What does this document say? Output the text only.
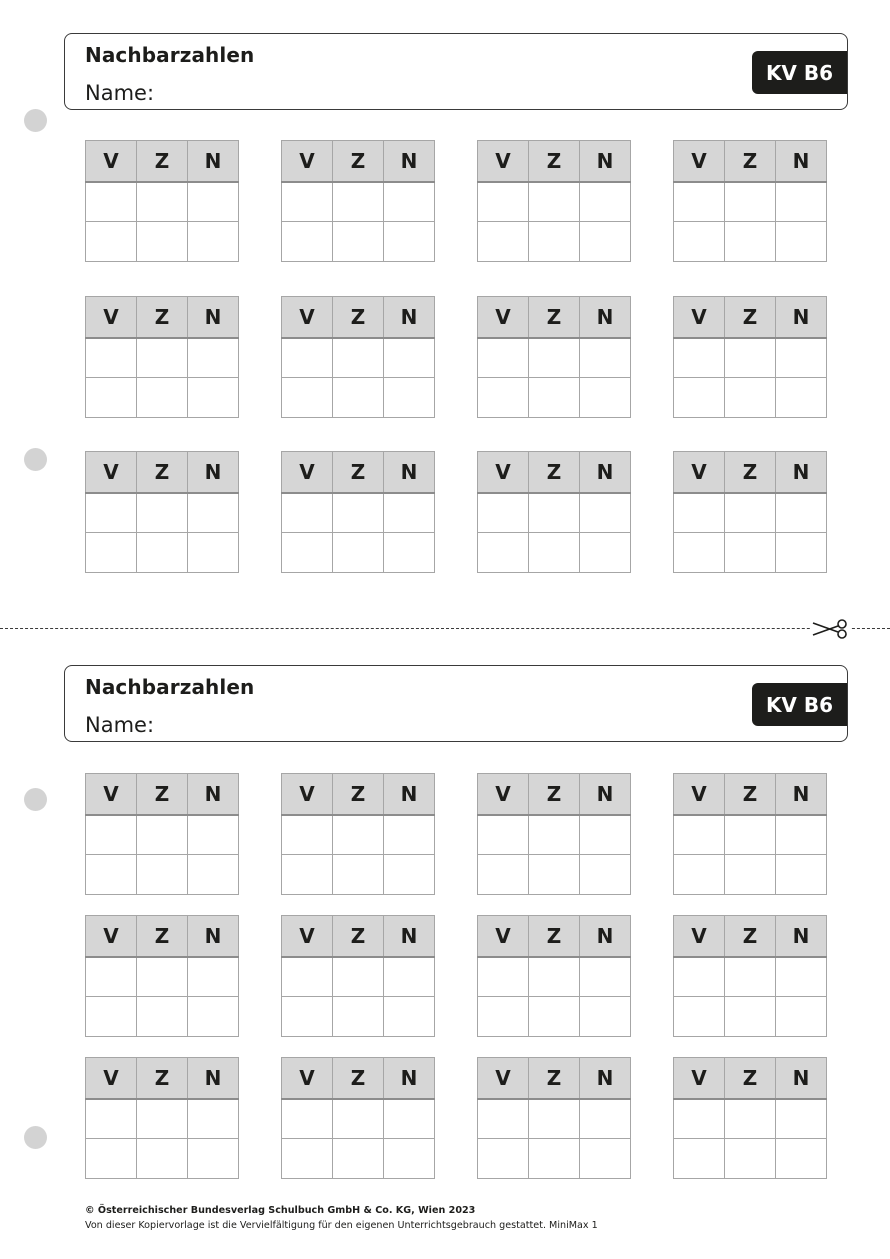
Nachbarzahlen
Name:
KV B6
V	Z	N

			V	Z	N

			V	Z	N

			V	Z	N

V	Z	N

			V	Z	N

			V	Z	N

			V	Z	N

V	Z	N

			V	Z	N

			V	Z	N

			V	Z	N

Nachbarzahlen
Name:
KV B6
V	Z	N

			V	Z	N

			V	Z	N

			V	Z	N

V	Z	N

			V	Z	N

			V	Z	N

			V	Z	N

V	Z	N

			V	Z	N

			V	Z	N

			V	Z	N

© Österreichischer Bundesverlag Schulbuch GmbH & Co. KG, Wien 2023
Von dieser Kopiervorlage ist die Vervielfältigung für den eigenen Unterrichtsgebrauch gestattet. MiniMax 1
